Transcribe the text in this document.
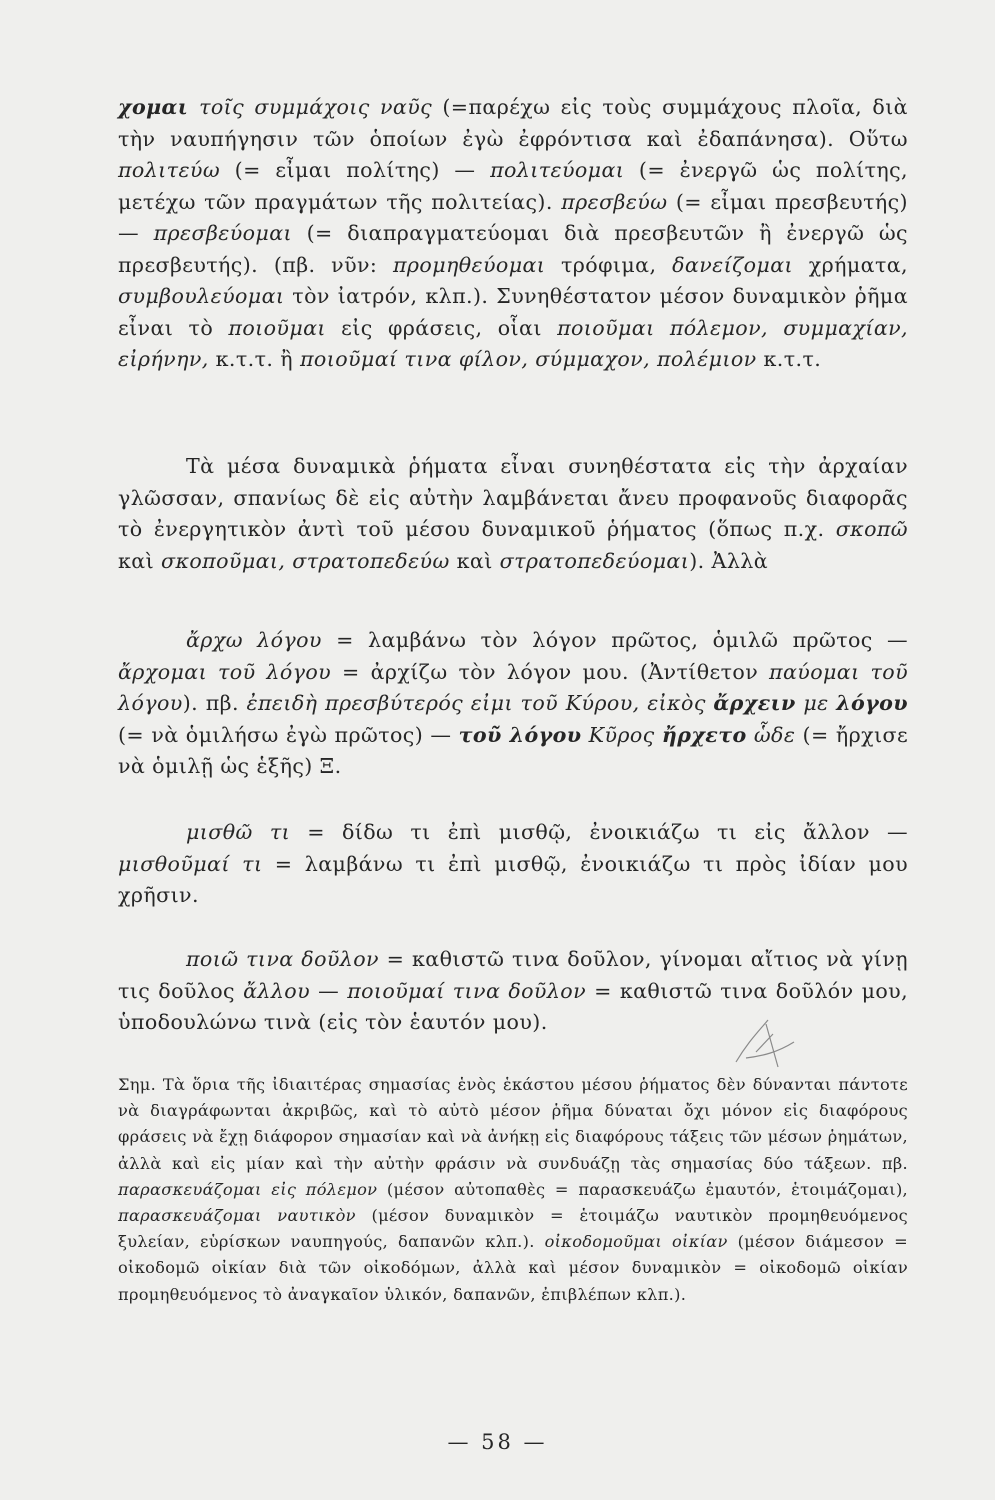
χομαι τοῖς συμμάχοις ναῦς (=παρέχω εἰς τοὺς συμμάχους πλοῖα, διὰ τὴν ναυπήγησιν τῶν ὁποίων ἐγὼ ἐφρόντισα καὶ ἐδαπάνησα). Οὕτω πολιτεύω (= εἶμαι πολίτης) — πολιτεύομαι (= ἐνεργῶ ὡς πολίτης, μετέχω τῶν πραγμάτων τῆς πολιτείας). πρεσβεύω (= εἶμαι πρεσβευτής) — πρεσβεύομαι (= διαπραγματεύομαι διὰ πρεσβευτῶν ἢ ἐνεργῶ ὡς πρεσβευτής). (πβ. νῦν: προμηθεύομαι τρόφιμα, δανείζομαι χρήματα, συμβουλεύομαι τὸν ἰατρόν, κλπ.). Συνηθέστατον μέσον δυναμικὸν ῥῆμα εἶναι τὸ ποιοῦμαι εἰς φράσεις, οἷαι ποιοῦμαι πόλεμον, συμμαχίαν, εἰρήνην, κ.τ.τ. ἢ ποιοῦμαί τινα φίλον, σύμμαχον, πολέμιον κ.τ.τ.

Τὰ μέσα δυναμικὰ ῥήματα εἶναι συνηθέστατα εἰς τὴν ἀρχαίαν γλῶσσαν, σπανίως δὲ εἰς αὐτὴν λαμβάνεται ἄνευ προφανοῦς διαφορᾶς τὸ ἐνεργητικὸν ἀντὶ τοῦ μέσου δυναμικοῦ ῥήματος (ὅπως π.χ. σκοπῶ καὶ σκοποῦμαι, στρατοπεδεύω καὶ στρατοπεδεύομαι). Ἀλλὰ

ἄρχω λόγου = λαμβάνω τὸν λόγον πρῶτος, ὁμιλῶ πρῶτος — ἄρχομαι τοῦ λόγου = ἀρχίζω τὸν λόγον μου. (Ἀντίθετον παύομαι τοῦ λόγου). πβ. ἐπειδὴ πρεσβύτερός εἰμι τοῦ Κύρου, εἰκὸς ἄρχειν με λόγου (= νὰ ὁμιλήσω ἐγὼ πρῶτος) — τοῦ λόγου Κῦρος ἤρχετο ὧδε (= ἤρχισε νὰ ὁμιλῇ ὡς ἑξῆς) Ξ.

μισθῶ τι = δίδω τι ἐπὶ μισθῷ, ἐνοικιάζω τι εἰς ἄλλον — μισθοῦμαί τι = λαμβάνω τι ἐπὶ μισθῷ, ἐνοικιάζω τι πρὸς ἰδίαν μου χρῆσιν.

ποιῶ τινα δοῦλον = καθιστῶ τινα δοῦλον, γίνομαι αἴτιος νὰ γίνῃ τις δοῦλος ἄλλου — ποιοῦμαί τινα δοῦλον = καθιστῶ τινα δοῦλόν μου, ὑποδουλώνω τινὰ (εἰς τὸν ἑαυτόν μου).

Σημ. Τὰ ὅρια τῆς ἰδιαιτέρας σημασίας ἑνὸς ἑκάστου μέσου ῥήματος δὲν δύνανται πάντοτε νὰ διαγράφωνται ἀκριβῶς, καὶ τὸ αὐτὸ μέσον ῥῆμα δύναται ὄχι μόνον εἰς διαφόρους φράσεις νὰ ἔχῃ διάφορον σημασίαν καὶ νὰ ἀνήκῃ εἰς διαφόρους τάξεις τῶν μέσων ῥημάτων, ἀλλὰ καὶ εἰς μίαν καὶ τὴν αὐτὴν φράσιν νὰ συνδυάζῃ τὰς σημασίας δύο τάξεων. πβ. παρασκευάζομαι εἰς πόλεμον (μέσον αὐτοπαθὲς = παρασκευάζω ἐμαυτόν, ἑτοιμάζομαι), παρασκευάζομαι ναυτικὸν (μέσον δυναμικὸν = ἑτοιμάζω ναυτικὸν προμηθευόμενος ξυλείαν, εὑρίσκων ναυπηγούς, δαπανῶν κλπ.). οἰκοδομοῦμαι οἰκίαν (μέσον διάμεσον = οἰκοδομῶ οἰκίαν διὰ τῶν οἰκοδόμων, ἀλλὰ καὶ μέσον δυναμικὸν = οἰκοδομῶ οἰκίαν προμηθευόμενος τὸ ἀναγκαῖον ὑλικόν, δαπανῶν, ἐπιβλέπων κλπ.).

— 58 —
